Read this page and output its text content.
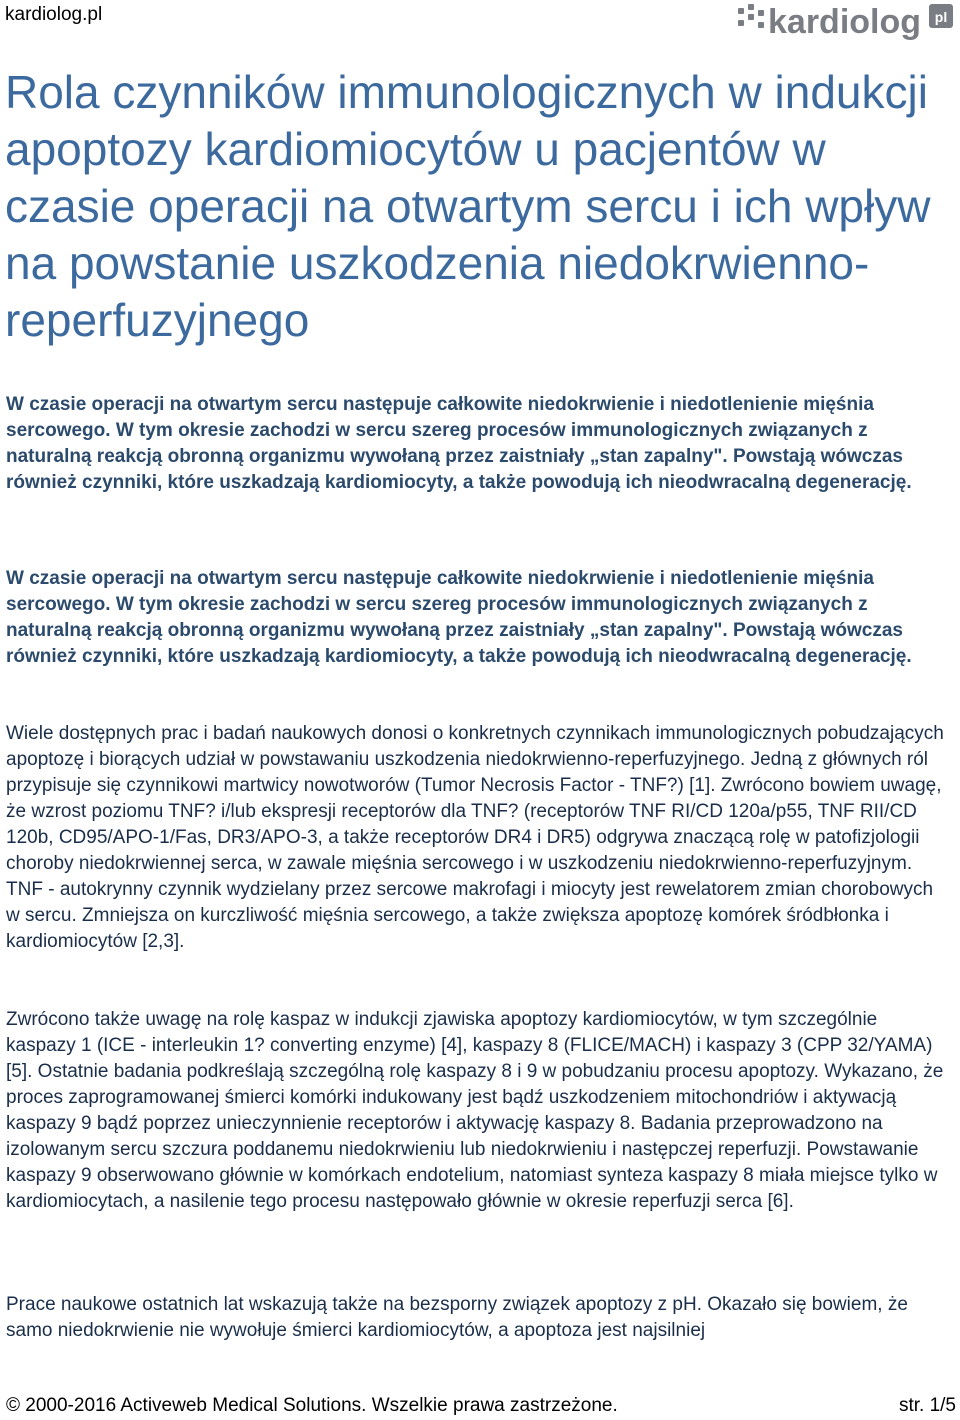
kardiolog.pl	kardiolog pl
Rola czynników immunologicznych w indukcji apoptozy kardiomiocytów u pacjentów w czasie operacji na otwartym sercu i ich wpływ na powstanie uszkodzenia niedokrwienno-reperfuzyjnego

W czasie operacji na otwartym sercu następuje całkowite niedokrwienie i niedotlenienie mięśnia sercowego. W tym okresie zachodzi w sercu szereg procesów immunologicznych związanych z naturalną reakcją obronną organizmu wywołaną przez zaistniały „stan zapalny". Powstają wówczas również czynniki, które uszkadzają kardiomiocyty, a także powodują ich nieodwracalną degenerację.

W czasie operacji na otwartym sercu następuje całkowite niedokrwienie i niedotlenienie mięśnia sercowego. W tym okresie zachodzi w sercu szereg procesów immunologicznych związanych z naturalną reakcją obronną organizmu wywołaną przez zaistniały „stan zapalny". Powstają wówczas również czynniki, które uszkadzają kardiomiocyty, a także powodują ich nieodwracalną degenerację.

Wiele dostępnych prac i badań naukowych donosi o konkretnych czynnikach immunologicznych pobudzających apoptozę i biorących udział w powstawaniu uszkodzenia niedokrwienno-reperfuzyjnego. Jedną z głównych ról przypisuje się czynnikowi martwicy nowotworów (Tumor Necrosis Factor - TNF?) [1]. Zwrócono bowiem uwagę, że wzrost poziomu TNF? i/lub ekspresji receptorów dla TNF? (receptorów TNF RI/CD 120a/p55, TNF RII/CD 120b, CD95/APO-1/Fas, DR3/APO-3, a także receptorów DR4 i DR5) odgrywa znaczącą rolę w patofizjologii choroby niedokrwiennej serca, w zawale mięśnia sercowego i w uszkodzeniu niedokrwienno-reperfuzyjnym. TNF - autokrynny czynnik wydzielany przez sercowe makrofagi i miocyty jest rewelatorem zmian chorobowych w sercu. Zmniejsza on kurczliwość mięśnia sercowego, a także zwiększa apoptozę komórek śródbłonka i kardiomiocytów [2,3].

Zwrócono także uwagę na rolę kaspaz w indukcji zjawiska apoptozy kardiomiocytów, w tym szczególnie kaspazy 1 (ICE - interleukin 1? converting enzyme) [4], kaspazy 8 (FLICE/MACH) i kaspazy 3 (CPP 32/YAMA) [5]. Ostatnie badania podkreślają szczególną rolę kaspazy 8 i 9 w pobudzaniu procesu apoptozy. Wykazano, że proces zaprogramowanej śmierci komórki indukowany jest bądź uszkodzeniem mitochondriów i aktywacją kaspazy 9 bądź poprzez unieczynnienie receptorów i aktywację kaspazy 8. Badania przeprowadzono na izolowanym sercu szczura poddanemu niedokrwieniu lub niedokrwieniu i następczej reperfuzji. Powstawanie kaspazy 9 obserwowano głównie w komórkach endotelium, natomiast synteza kaspazy 8 miała miejsce tylko w kardiomiocytach, a nasilenie tego procesu następowało głównie w okresie reperfuzji serca [6].

Prace naukowe ostatnich lat wskazują także na bezsporny związek apoptozy z pH. Okazało się bowiem, że samo niedokrwienie nie wywołuje śmierci kardiomiocytów, a apoptoza jest najsilniej

© 2000-2016 Activeweb Medical Solutions. Wszelkie prawa zastrzeżone.	str. 1/5
